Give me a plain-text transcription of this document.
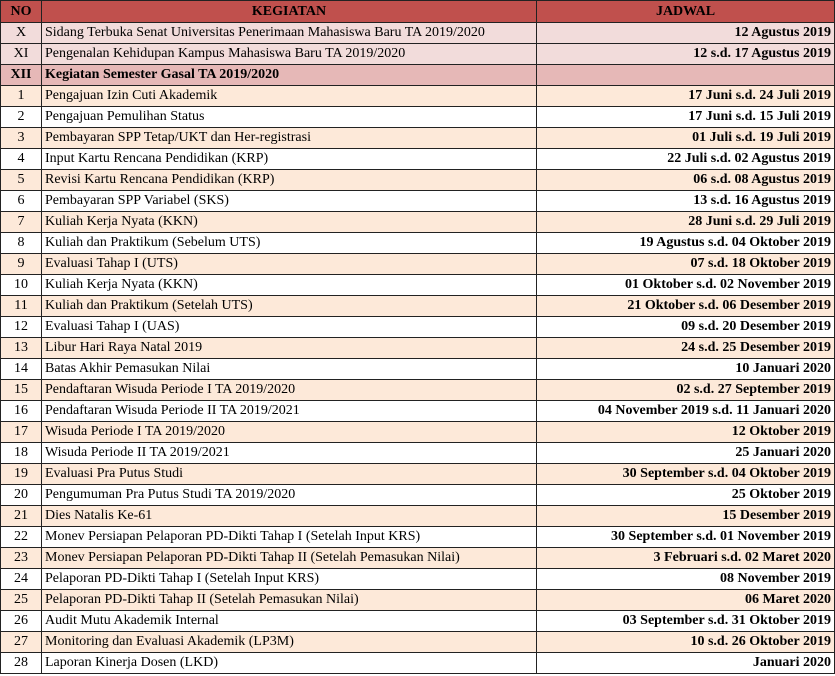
NO	KEGIATAN	JADWAL
X	Sidang Terbuka Senat Universitas Penerimaan Mahasiswa Baru TA 2019/2020	12 Agustus 2019
XI	Pengenalan Kehidupan Kampus Mahasiswa Baru TA 2019/2020	12 s.d. 17 Agustus 2019
XII	Kegiatan Semester Gasal TA 2019/2020	
1	Pengajuan Izin Cuti Akademik	17 Juni s.d. 24 Juli 2019
2	Pengajuan Pemulihan Status	17 Juni s.d. 15 Juli 2019
3	Pembayaran SPP Tetap/UKT dan Her-registrasi	01 Juli s.d. 19 Juli 2019
4	Input Kartu Rencana Pendidikan (KRP)	22 Juli s.d. 02 Agustus 2019
5	Revisi Kartu Rencana Pendidikan (KRP)	06 s.d. 08 Agustus 2019
6	Pembayaran SPP Variabel (SKS)	13 s.d. 16 Agustus 2019
7	Kuliah Kerja Nyata (KKN)	28 Juni s.d. 29 Juli 2019
8	Kuliah dan Praktikum (Sebelum UTS)	19 Agustus s.d. 04 Oktober 2019
9	Evaluasi Tahap I (UTS)	07 s.d. 18 Oktober 2019
10	Kuliah Kerja Nyata (KKN)	01 Oktober s.d. 02 November 2019
11	Kuliah dan Praktikum (Setelah UTS)	21 Oktober s.d. 06 Desember 2019
12	Evaluasi Tahap I (UAS)	09 s.d. 20 Desember 2019
13	Libur Hari Raya Natal 2019	24 s.d. 25 Desember 2019
14	Batas Akhir Pemasukan Nilai	10 Januari 2020
15	Pendaftaran Wisuda Periode I TA 2019/2020	02 s.d. 27 September 2019
16	Pendaftaran Wisuda Periode II TA 2019/2021	04 November 2019 s.d. 11 Januari 2020
17	Wisuda Periode I TA 2019/2020	12 Oktober 2019
18	Wisuda Periode II TA 2019/2021	25 Januari 2020
19	Evaluasi Pra Putus Studi	30 September s.d. 04 Oktober 2019
20	Pengumuman Pra Putus Studi TA 2019/2020	25 Oktober 2019
21	Dies Natalis Ke-61	15 Desember 2019
22	Monev Persiapan Pelaporan PD-Dikti Tahap I (Setelah Input KRS)	30 September s.d. 01 November 2019
23	Monev Persiapan Pelaporan PD-Dikti Tahap II (Setelah Pemasukan Nilai)	3 Februari s.d. 02 Maret 2020
24	Pelaporan PD-Dikti Tahap I (Setelah Input KRS)	08 November 2019
25	Pelaporan PD-Dikti Tahap II (Setelah Pemasukan Nilai)	06 Maret 2020
26	Audit Mutu Akademik Internal	03 September s.d. 31 Oktober 2019
27	Monitoring dan Evaluasi Akademik (LP3M)	10 s.d. 26 Oktober 2019
28	Laporan Kinerja Dosen (LKD)	Januari 2020
